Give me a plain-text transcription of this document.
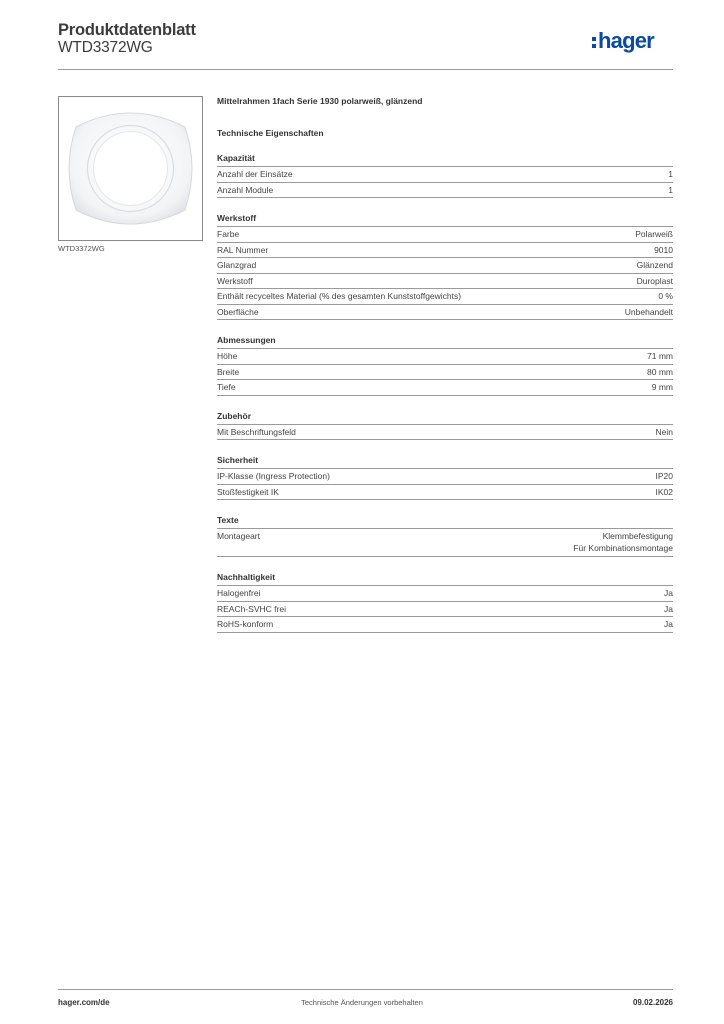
Produktdatenblatt
WTD3372WG	hager
WTD3372WG
Mittelrahmen 1fach Serie 1930 polarweiß, glänzend
Technische Eigenschaften
Kapazität
Anzahl der Einsätze	1
Anzahl Module	1
Werkstoff
Farbe	Polarweiß
RAL Nummer	9010
Glanzgrad	Glänzend
Werkstoff	Duroplast
Enthält recyceltes Material (% des gesamten Kunststoffgewichts)	0 %
Oberfläche	Unbehandelt
Abmessungen
Höhe	71 mm
Breite	80 mm
Tiefe	9 mm
Zubehör
Mit Beschriftungsfeld	Nein
Sicherheit
IP-Klasse (Ingress Protection)	IP20
Stoßfestigkeit IK	IK02
Texte
Montageart	Klemmbefestigung
Für Kombinationsmontage
Nachhaltigkeit
Halogenfrei	Ja
REACh-SVHC frei	Ja
RoHS-konform	Ja
hager.com/de	Technische Änderungen vorbehalten	09.02.2026
